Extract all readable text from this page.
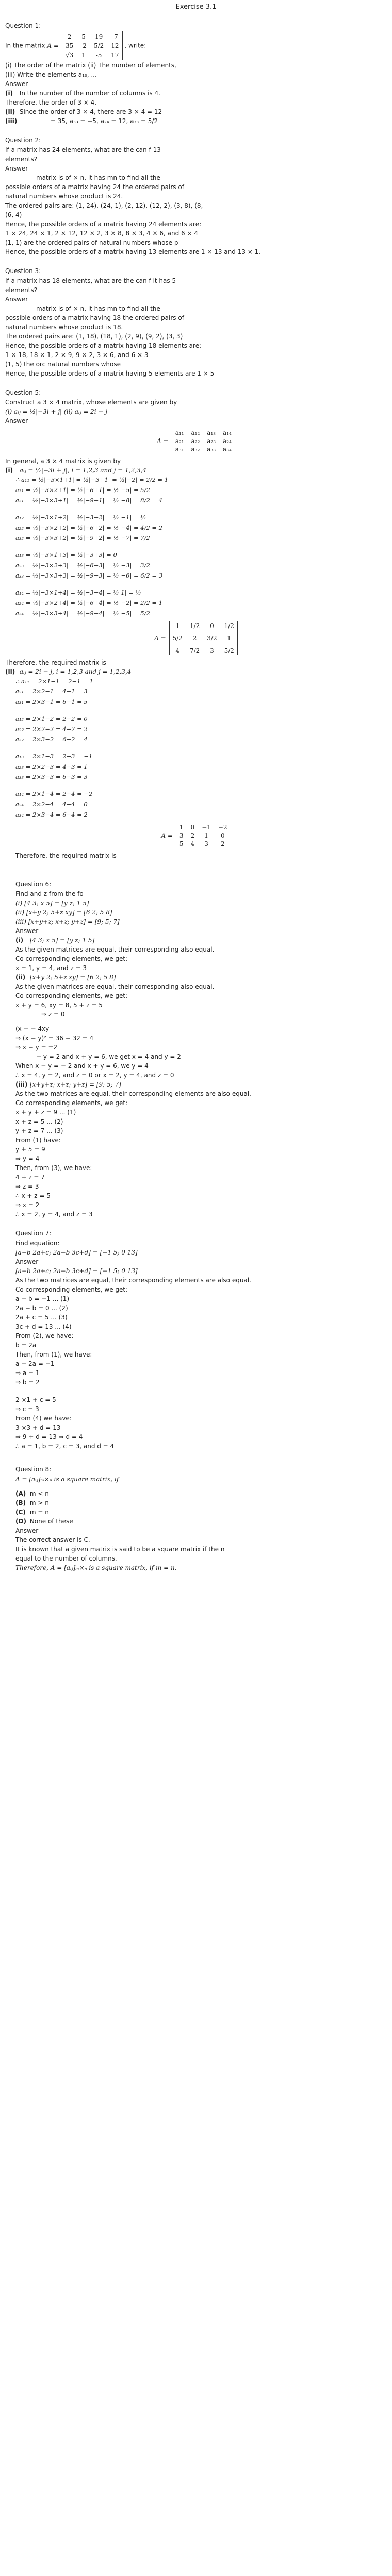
Exercise 3.1
Question 1:
In the matrix A =
2	5 19 -7
35 -2 5/2 12
√3 1	-5	17
, write:
(i) The order of the matrix (ii) The number of elements,
(iii) Write the elements a₁₃, ...
Answer
(i) In the number of the number of columns is 4.
Therefore, the order of 3 × 4.
(ii) Since the order of 3 × 4, there are 3 × 4 = 12
(iii)	= 35, a₃₃ = −5, a₂₄ = 12, a₃₃ = 5/2
Question 2:
If a matrix has 24 elements, what are the can f 13
elements?
Answer
matrix is of × n, it has mn to find all the
possible orders of a matrix having 24 the ordered pairs of
natural numbers whose product is 24.
The ordered pairs are: (1, 24), (24, 1), (2, 12), (12, 2), (3, 8), (8,
(6, 4)
Hence, the possible orders of a matrix having 24 elements are:
1 × 24, 24 × 1, 2 × 12, 12 × 2, 3 × 8, 8 × 3, 4 × 6, and 6 × 4
(1, 1) are the ordered pairs of natural numbers whose p
Hence, the possible orders of a matrix having 13 elements are 1 × 13 and 13 × 1.
Question 3:
If a matrix has 18 elements, what are the can f it has 5
elements?
Answer
matrix is of × n, it has mn to find all the
possible orders of a matrix having 18 the ordered pairs of
natural numbers whose product is 18.
The ordered pairs are: (1, 18), (18, 1), (2, 9), (9, 2), (3, 3)
Hence, the possible orders of a matrix having 18 elements are:
1 × 18, 18 × 1, 2 × 9, 9 × 2, 3 × 6, and 6 × 3
(1, 5) the orc natural numbers whose
Hence, the possible orders of a matrix having 5 elements are 1 × 5
Question 5:
Construct a 3 × 4 matrix, whose elements are given by
(i) aᵢⱼ = ½|−3i + j| (ii) aᵢⱼ = 2i − j
Answer
A =
a₁₁ a₁₂ a₁₃ a₁₄
a₂₁ a₂₂ a₂₃ a₂₄
a₃₁ a₃₂ a₃₃ a₃₄
In general, a 3 × 4 matrix is given by
(i) aᵢⱼ = ½|−3i + j|, i = 1,2,3 and j = 1,2,3,4
∴ a₁₁ = ½|−3×1+1| = ½|−3+1| = ½|−2| = 2/2 = 1
a₂₁ = ½|−3×2+1| = ½|−6+1| = ½|−5| = 5/2
a₃₁ = ½|−3×3+1| = ½|−9+1| = ½|−8| = 8/2 = 4
a₁₂ = ½|−3×1+2| = ½|−3+2| = ½|−1| = ½
a₂₂ = ½|−3×2+2| = ½|−6+2| = ½|−4| = 4/2 = 2
a₃₂ = ½|−3×3+2| = ½|−9+2| = ½|−7| = 7/2
a₁₃ = ½|−3×1+3| = ½|−3+3| = 0
a₂₃ = ½|−3×2+3| = ½|−6+3| = ½|−3| = 3/2
a₃₃ = ½|−3×3+3| = ½|−9+3| = ½|−6| = 6/2 = 3
a₁₄ = ½|−3×1+4| = ½|−3+4| = ½|1| = ½
a₂₄ = ½|−3×2+4| = ½|−6+4| = ½|−2| = 2/2 = 1
a₃₄ = ½|−3×3+4| = ½|−9+4| = ½|−5| = 5/2
A =
1	1/2	0	1/2
5/2	2	3/2	1
4	7/2	3	5/2
Therefore, the required matrix is
(ii) aᵢⱼ = 2i − j, i = 1,2,3 and j = 1,2,3,4
∴ a₁₁ = 2×1−1 = 2−1 = 1
a₂₁ = 2×2−1 = 4−1 = 3
a₃₁ = 2×3−1 = 6−1 = 5
a₁₂ = 2×1−2 = 2−2 = 0
a₂₂ = 2×2−2 = 4−2 = 2
a₃₂ = 2×3−2 = 6−2 = 4
a₁₃ = 2×1−3 = 2−3 = −1
a₂₃ = 2×2−3 = 4−3 = 1
a₃₃ = 2×3−3 = 6−3 = 3
a₁₄ = 2×1−4 = 2−4 = −2
a₂₄ = 2×2−4 = 4−4 = 0
a₃₄ = 2×3−4 = 6−4 = 2
A =
1 0 −1 −2
3 2	1	0
5 4	3	2
Therefore, the required matrix is
Question 6:
Find and z from the fo
(i) [4 3; x 5] = [y z; 1 5]
(ii) [x+y 2; 5+z xy] = [6 2; 5 8]
(iii) [x+y+z; x+z; y+z] = [9; 5; 7]
Answer
(i) [4 3; x 5] = [y z; 1 5]
As the given matrices are equal, their corresponding also equal.
Co corresponding elements, we get:
x = 1, y = 4, and z = 3
(ii) [x+y 2; 5+z xy] = [6 2; 5 8]
As the given matrices are equal, their corresponding also equal.
Co corresponding elements, we get:
x + y = 6, xy = 8, 5 + z = 5
⇒ z = 0
(x − − 4xy
⇒ (x − y)² = 36 − 32 = 4
⇒ x − y = ±2
− y = 2 and x + y = 6, we get x = 4 and y = 2
When x − y = − 2 and x + y = 6, we y = 4
∴ x = 4, y = 2, and z = 0 or x = 2, y = 4, and z = 0
(iii) [x+y+z; x+z; y+z] = [9; 5; 7]
As the two matrices are equal, their corresponding elements are also equal.
Co corresponding elements, we get:
x + y + z = 9 ... (1)
x + z = 5 ... (2)
y + z = 7 ... (3)
From (1) have:
y + 5 = 9
⇒ y = 4
Then, from (3), we have:
4 + z = 7
⇒ z = 3
∴ x + z = 5
⇒ x = 2
∴ x = 2, y = 4, and z = 3
Question 7:
Find equation:
[a−b 2a+c; 2a−b 3c+d] = [−1 5; 0 13]
Answer
[a−b 2a+c; 2a−b 3c+d] = [−1 5; 0 13]
As the two matrices are equal, their corresponding elements are also equal.
Co corresponding elements, we get:
a − b = −1 ... (1)
2a − b = 0 ... (2)
2a + c = 5 ... (3)
3c + d = 13 ... (4)
From (2), we have:
b = 2a
Then, from (1), we have:
a − 2a = −1
⇒ a = 1
⇒ b = 2
2 ×1 + c = 5
⇒ c = 3
From (4) we have:
3 ×3 + d = 13
⇒ 9 + d = 13 ⇒ d = 4
∴ a = 1, b = 2, c = 3, and d = 4
Question 8:
A = [aᵢⱼ]ₘ×ₙ is a square matrix, if
(A) m < n
(B) m > n
(C) m = n
(D) None of these
Answer
The correct answer is C.
It is known that a given matrix is said to be a square matrix if the n
equal to the number of columns.
Therefore, A = [aᵢⱼ]ₘ×ₙ is a square matrix, if m = n.
